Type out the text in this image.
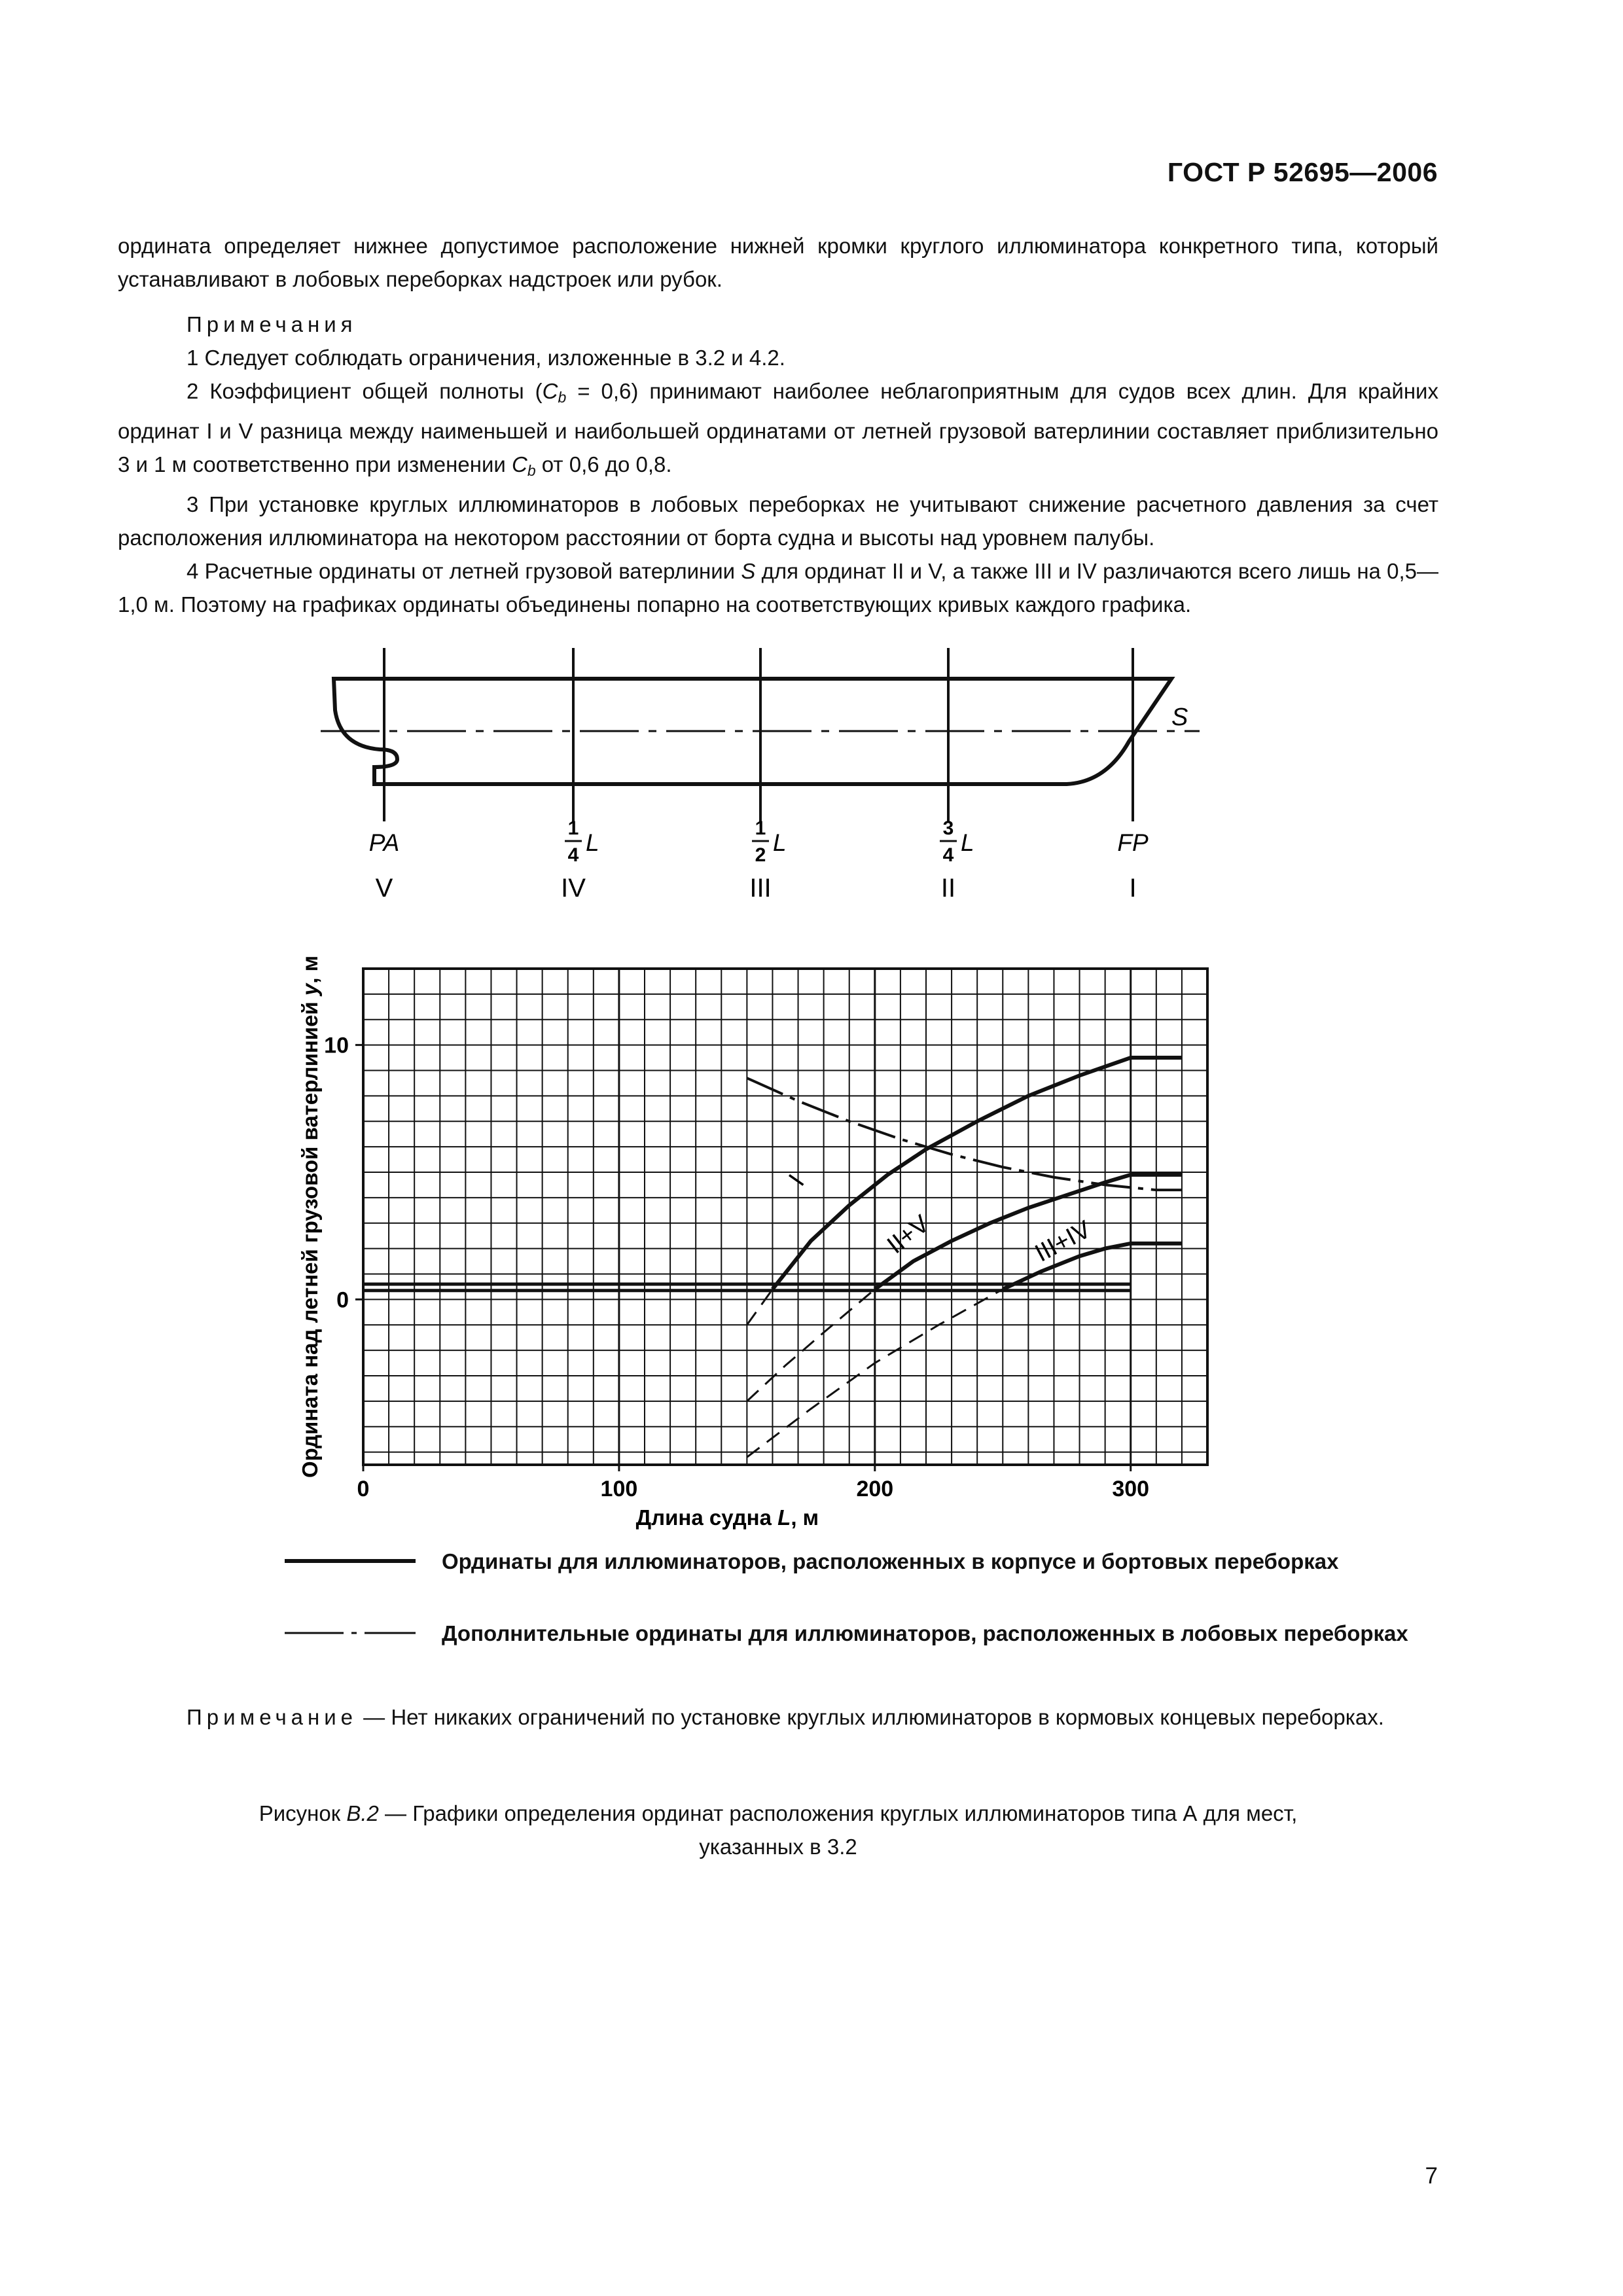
ГОСТ Р 52695—2006

ордината определяет нижнее допустимое расположение нижней кромки круглого иллюминатора конкретного типа, который устанавливают в лобовых переборках надстроек или рубок.

Примечания

1 Следует соблюдать ограничения, изложенные в 3.2 и 4.2.

2 Коэффициент общей полноты $(C_b = 0,6)$ принимают наиболее неблагоприятным для судов всех длин. Для крайних ординат I и V разница между наименьшей и наибольшей ординатами от летней грузовой ватерлинии составляет приблизительно 3 и 1 м соответственно при изменении $C_b$ от 0,6 до 0,8.

3 При установке круглых иллюминаторов в лобовых переборках не учитывают снижение расчетного давления за счет расположения иллюминатора на некотором расстоянии от борта судна и высоты над уровнем палубы.

4 Расчетные ординаты от летней грузовой ватерлинии S для ординат II и V, а также III и IV различаются всего лишь на 0,5—1,0 м. Поэтому на графиках ординаты объединены попарно на соответствующих кривых каждого графика.

S
PA
1
4 L
1
2 L
3
4 L	FP
V	IV	III	II	I
0	100	200	300
0
10
Ордината над летней грузовой ватерлинией y, м
Длина судна L, м
I
II+V	III+IV
Ординаты для иллюминаторов, расположенных в корпусе и бортовых переборках
Дополнительные ординаты для иллюминаторов, расположенных в лобовых переборках
Примечание — Нет никаких ограничений по установке круглых иллюминаторов в кормовых концевых переборках.
Рисунок В.2 — Графики определения ординат расположения круглых иллюминаторов типа А для мест,
указанных в 3.2
7
